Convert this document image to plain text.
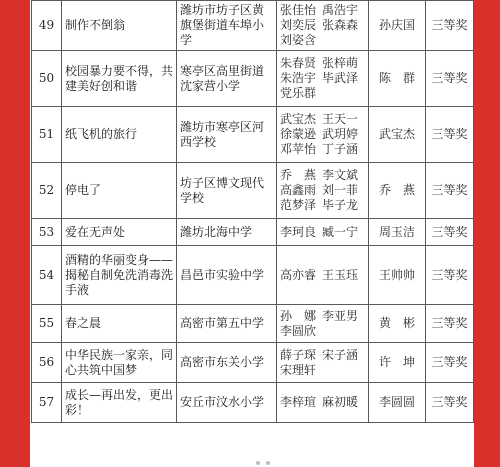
49	制作不倒翁	潍坊市坊子区黄旗堡街道车埠小学	张佳怡 禹浩宇
刘奕辰 张森森
刘姿含	孙庆国	三等奖
50	校园暴力要不得，共建美好创和谐	寒亭区高里街道沈家营小学	朱春贤 张梓萌
朱浩宇 毕武泽
党乐群	陈　群	三等奖
51	纸飞机的旅行	潍坊市寒亭区河西学校	武宝杰 王天一
徐蒙逊 武玥婷
邓苹怡 丁子涵	武宝杰	三等奖
52	停电了	坊子区博文现代学校	乔　燕 李文斌
高鑫雨 刘一菲
范梦泽 毕子龙	乔　燕	三等奖
53	爱在无声处	潍坊北海中学	李珂良 臧一宁	周玉洁	三等奖
54	酒精的华丽变身——揭秘自制免洗消毒洗手液	昌邑市实验中学	高亦睿 王玉珏	王帅帅	三等奖
55	春之晨	高密市第五中学	孙　娜 李亚男
李圆欣	黄　彬	三等奖
56	中华民族一家亲，同心共筑中国梦	高密市东关小学	薛子琛 宋子涵
宋理轩	许　坤	三等奖
57	成长—再出发，更出彩！	安丘市汶水小学	李梓瑄 麻初暖	李圆圆	三等奖
